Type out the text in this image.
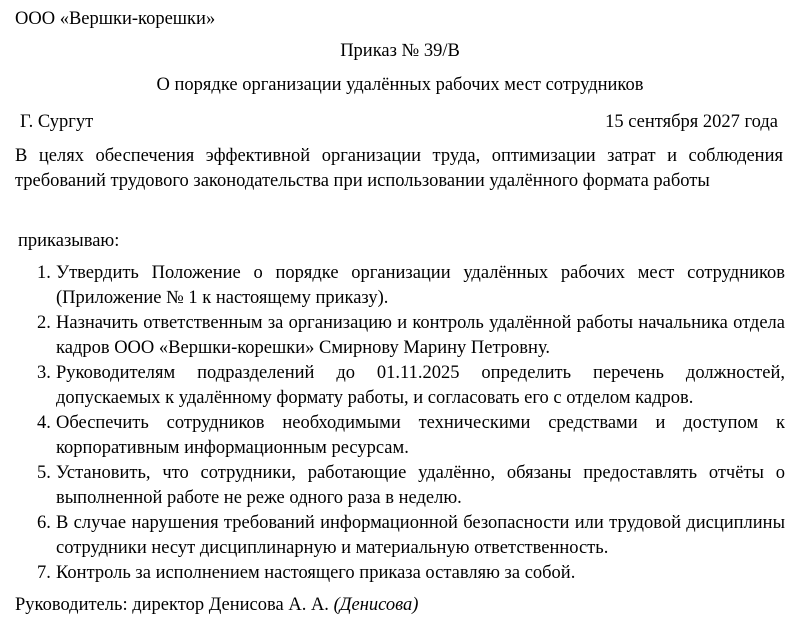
ООО «Вершки-корешки»
Приказ № 39/В
О порядке организации удалённых рабочих мест сотрудников
Г. Сургут	15 сентября 2027 года
В целях обеспечения эффективной организации труда, оптимизации затрат и соблюдения требований трудового законодательства при использовании удалённого формата работы
приказываю:
1. Утвердить Положение о порядке организации удалённых рабочих мест сотрудников (Приложение № 1 к настоящему приказу).
2. Назначить ответственным за организацию и контроль удалённой работы начальника отдела кадров ООО «Вершки-корешки» Смирнову Марину Петровну.
3. Руководителям подразделений до 01.11.2025 определить перечень должностей, допускаемых к удалённому формату работы, и согласовать его с отделом кадров.
4. Обеспечить сотрудников необходимыми техническими средствами и доступом к корпоративным информационным ресурсам.
5. Установить, что сотрудники, работающие удалённо, обязаны предоставлять отчёты о выполненной работе не реже одного раза в неделю.
6. В случае нарушения требований информационной безопасности или трудовой дисциплины сотрудники несут дисциплинарную и материальную ответственность.
7. Контроль за исполнением настоящего приказа оставляю за собой.
Руководитель: директор Денисова А. А. (Денисова)
